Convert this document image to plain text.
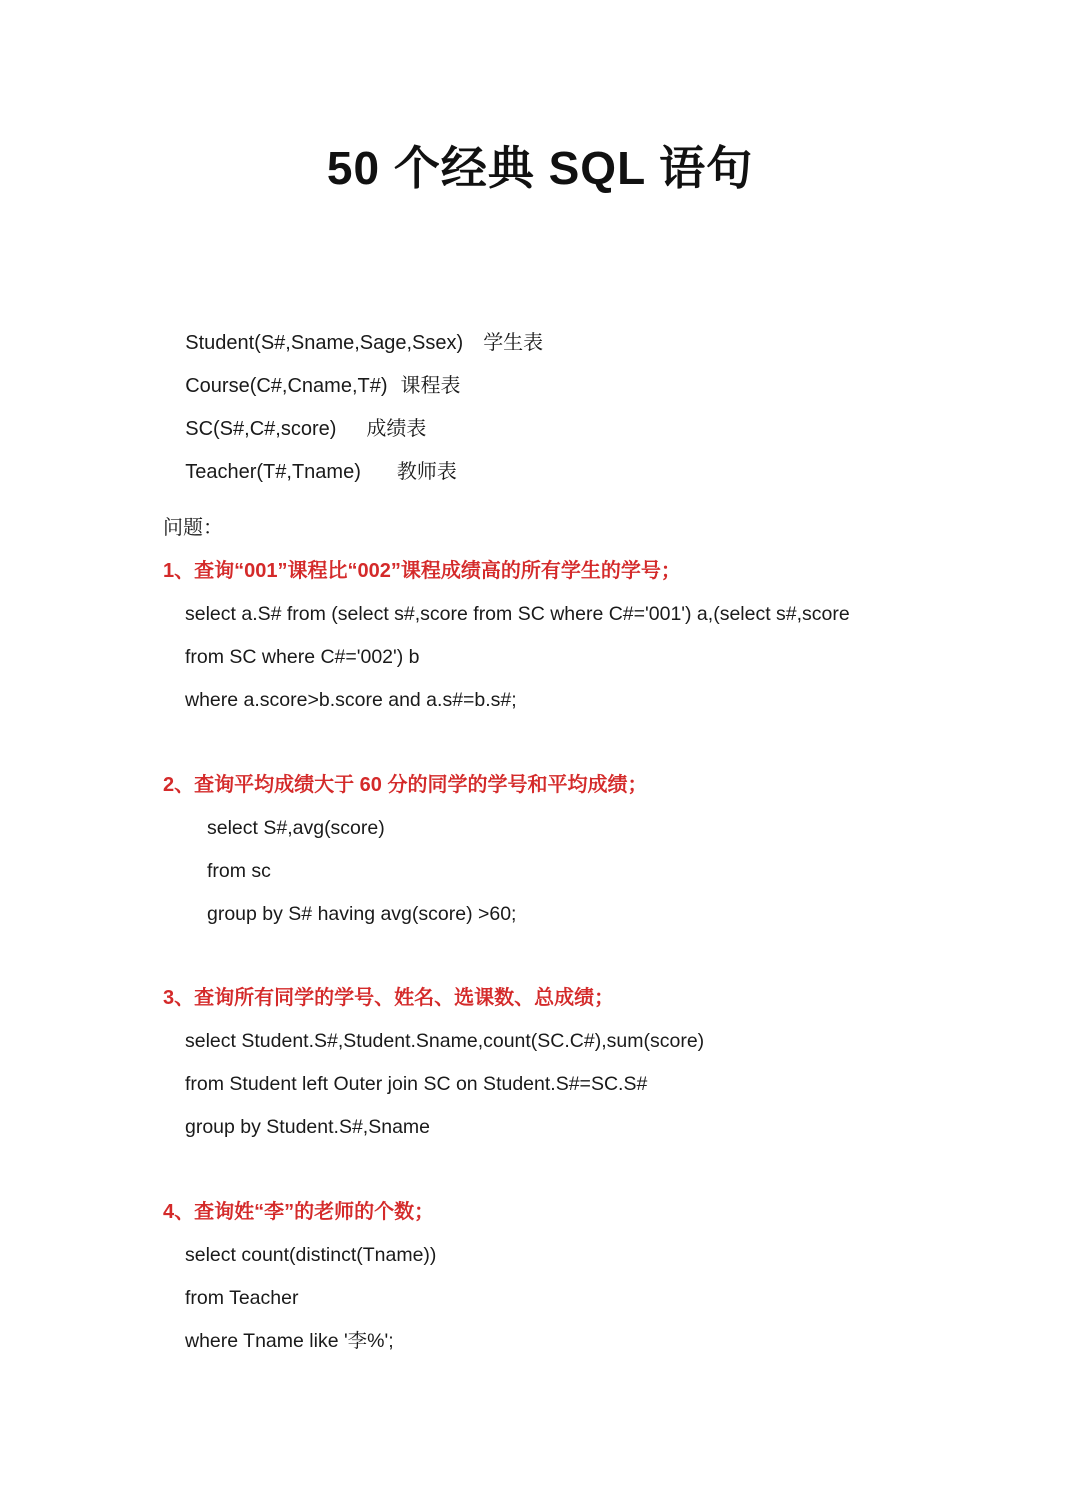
50 个经典 SQL 语句

Student(S#,Sname,Sage,Ssex) 学生表

Course(C#,Cname,T#) 课程表

SC(S#,C#,score) 成绩表

Teacher(T#,Tname) 教师表

问题：
1、查询“001”课程比“002”课程成绩高的所有学生的学号；
select a.S# from (select s#,score from SC where C#='001') a,(select s#,score
from SC where C#='002') b
where a.score>b.score and a.s#=b.s#;
2、查询平均成绩大于 60 分的同学的学号和平均成绩；
select S#,avg(score)
from sc
group by S# having avg(score) >60;
3、查询所有同学的学号、姓名、选课数、总成绩；
select Student.S#,Student.Sname,count(SC.C#),sum(score)
from Student left Outer join SC on Student.S#=SC.S#
group by Student.S#,Sname
4、查询姓“李”的老师的个数；
select count(distinct(Tname))
from Teacher
where Tname like '李%';
